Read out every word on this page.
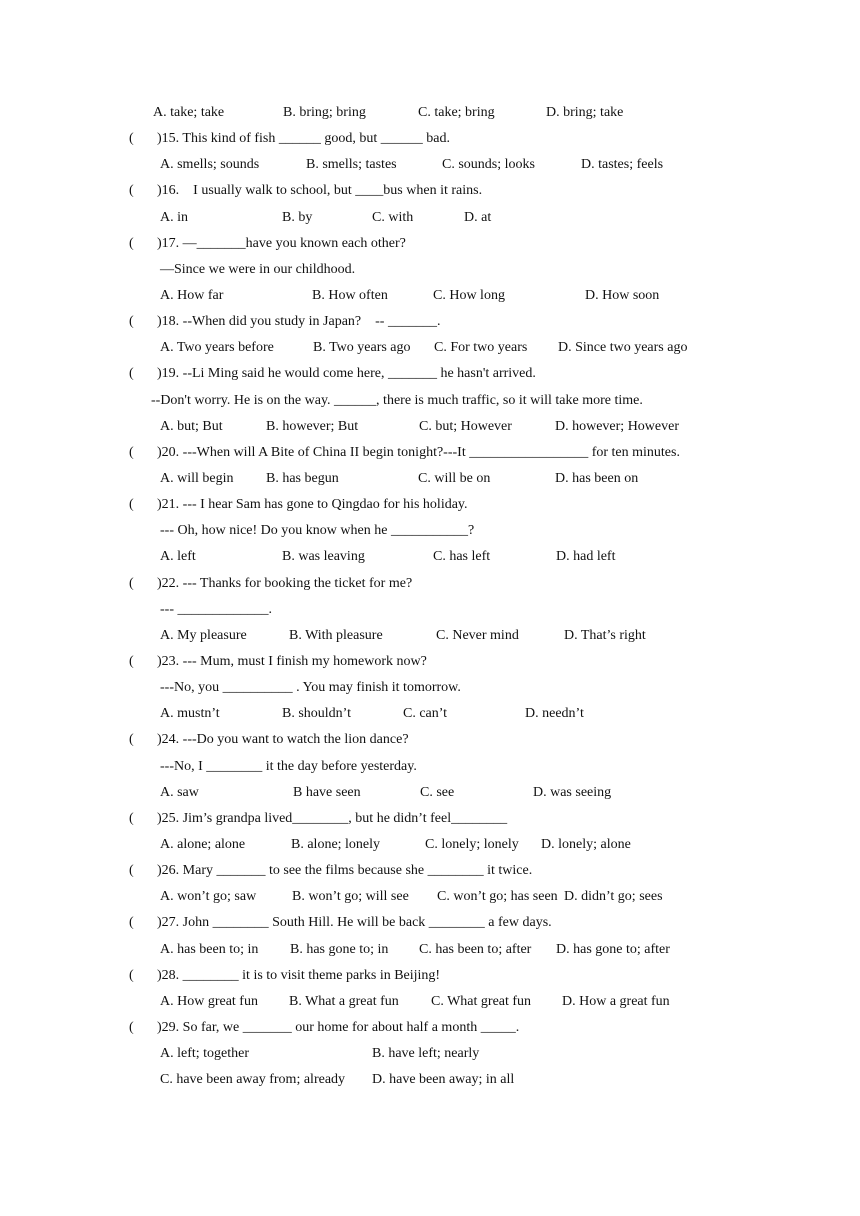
A. take; take	B. bring; bring	C. take; bring	D. bring; take
( )15. This kind of fish ______ good, but ______ bad.
A. smells; sounds	B. smells; tastes	C. sounds; looks	D. tastes; feels
( )16.    I usually walk to school, but ____bus when it rains.
A. in	B. by	C. with	D. at
( )17. —_______have you known each other?
—Since we were in our childhood.
A. How far	B. How often	C. How long	D. How soon
( )18. --When did you study in Japan?    -- _______.
A. Two years before	B. Two years ago C. For two years D. Since two years ago
( )19. --Li Ming said he would come here, _______ he hasn't arrived.
--Don't worry. He is on the way. ______, there is much traffic, so it will take more time.
A. but; But	B. however; But	C. but; However	D. however; However
( )20. ---When will A Bite of China II begin tonight?---It _________________ for ten minutes.
A. will begin B. has begun	C. will be on	D. has been on
( )21. --- I hear Sam has gone to Qingdao for his holiday.
--- Oh, how nice! Do you know when he ___________?
A. left	B. was leaving	C. has left	D. had left
( )22. --- Thanks for booking the ticket for me?
--- _____________.
A. My pleasure	B. With pleasure	C. Never mind	D. That’s right
( )23. --- Mum, must I finish my homework now?
---No, you __________ . You may finish it tomorrow.
A. mustn’t	B. shouldn’t	C. can’t	D. needn’t
( )24. ---Do you want to watch the lion dance?
---No, I ________ it the day before yesterday.
A. saw	B have seen	C. see	D. was seeing
( )25. Jim’s grandpa lived________, but he didn’t feel________
A. alone; alone	B. alone; lonely	C. lonely; lonely D. lonely; alone
( )26. Mary _______ to see the films because she ________ it twice.
A. won’t go; saw	B. won’t go; will see C. won’t go; has seen D. didn’t go; sees
( )27. John ________ South Hill. He will be back ________ a few days.
A. has been to; in B. has gone to; in C. has been to; after D. has gone to; after
( )28. ________ it is to visit theme parks in Beijing!
A. How great fun B. What a great fun C. What great fun D. How a great fun
( )29. So far, we _______ our home for about half a month _____.
A. left; together	B. have left; nearly
C. have been away from; already D. have been away; in all
